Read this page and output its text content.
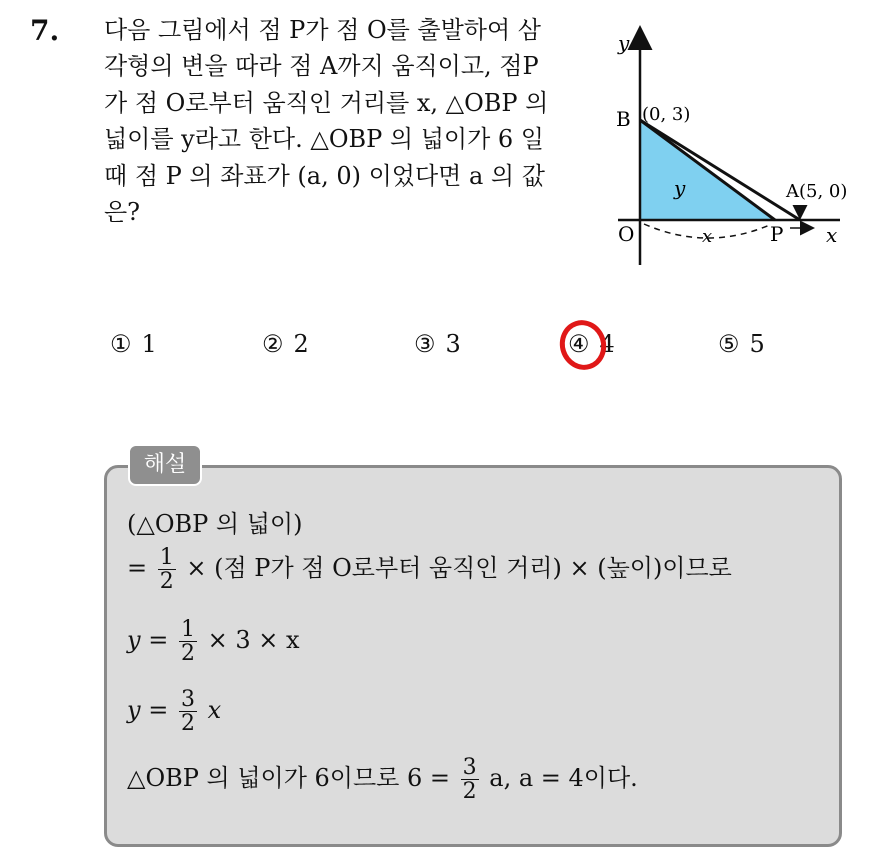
7. 다음 그림에서 점 P가 점 O를 출발하여 삼

각형의 변을 따라 점 A까지 움직이고, 점P

가 점 O로부터 움직인 거리를 x, △OBP 의

넓이를 y라고 한다. △OBP 의 넓이가 6 일

때 점 P 의 좌표가 (a, 0) 이었다면 a 의 값

은?

y
x
B (0, 3)
A(5, 0)
O	P
x
y
① 1	② 2	③ 3	④ 4	⑤ 5
(△OBP 의 넓이)
= $\frac{1}{2}$ × (점 P가 점 O로부터 움직인 거리) × (높이)이므로
$y = \frac{1}{2} \times 3 \times x$
$y = \frac{3}{2}$ x
△OBP 의 넓이가 6이므로 $6 = \frac{3}{2} a$, a = 4이다.
해설
